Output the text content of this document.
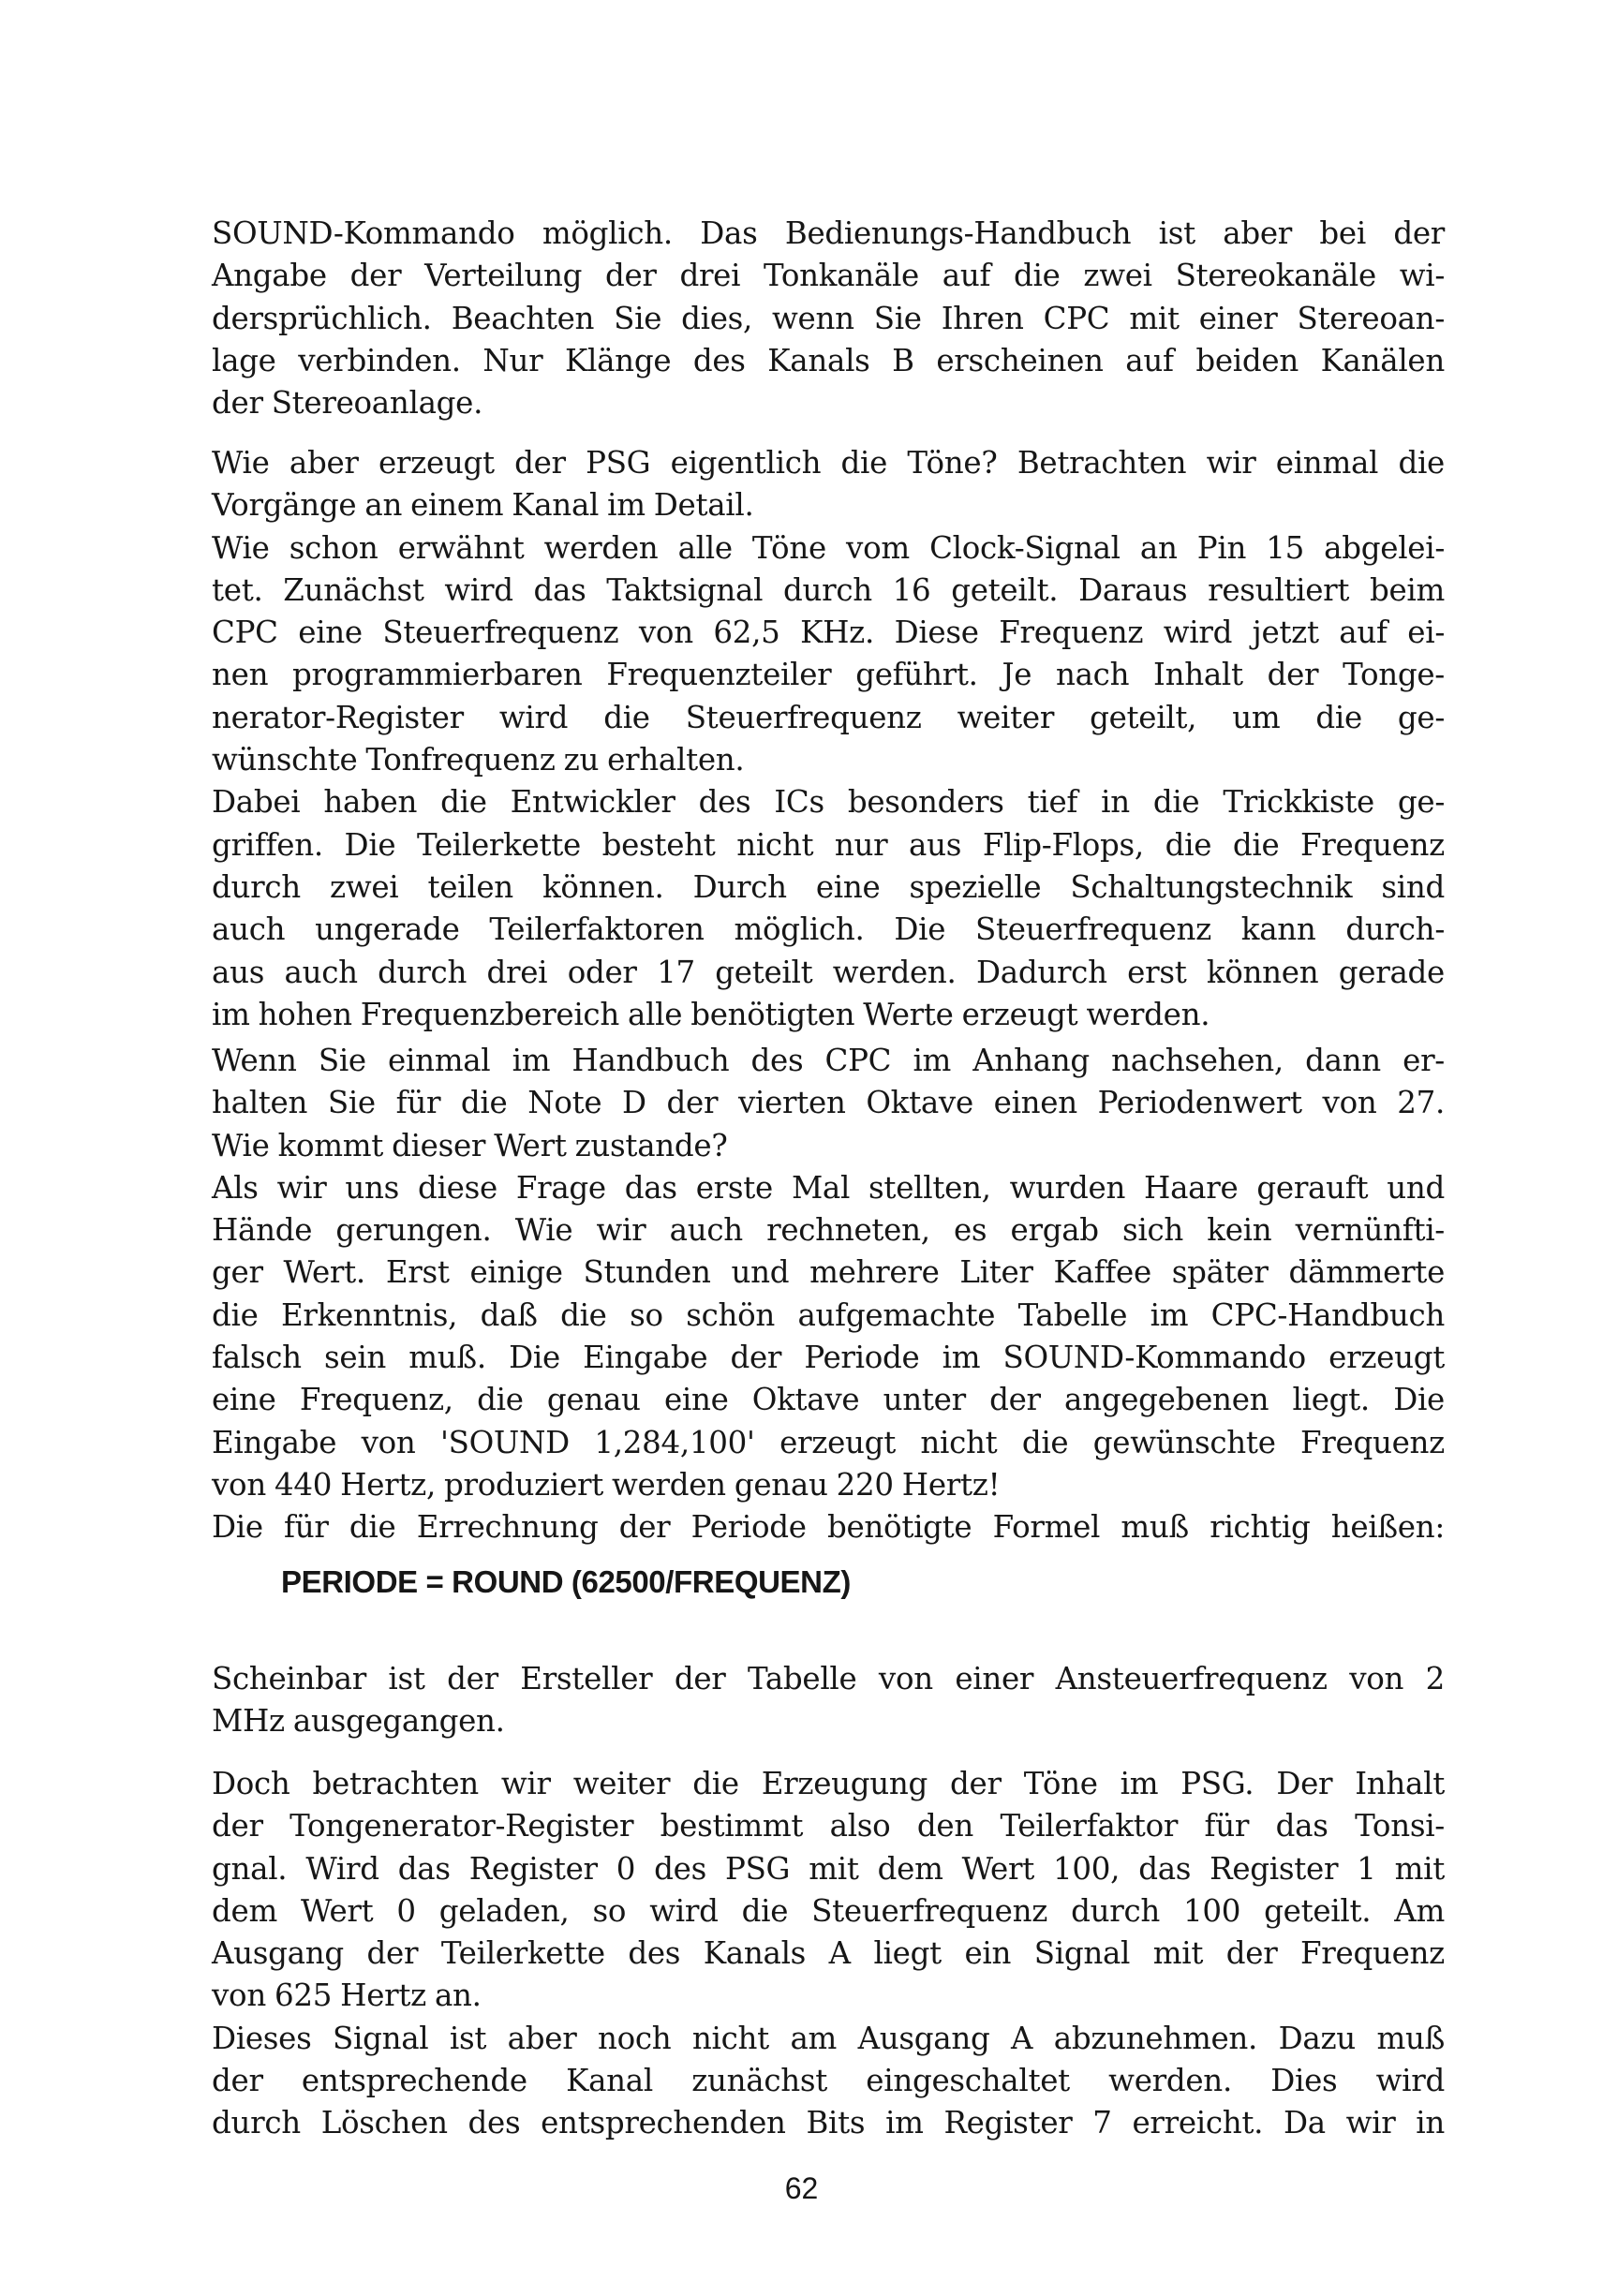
SOUND-Kommando möglich. Das Bedienungs-Handbuch ist aber bei der
Angabe der Verteilung der drei Tonkanäle auf die zwei Stereokanäle wi-
dersprüchlich. Beachten Sie dies, wenn Sie Ihren CPC mit einer Stereoan-
lage verbinden. Nur Klänge des Kanals B erscheinen auf beiden Kanälen
der Stereoanlage.
Wie aber erzeugt der PSG eigentlich die Töne? Betrachten wir einmal die
Vorgänge an einem Kanal im Detail.
Wie schon erwähnt werden alle Töne vom Clock-Signal an Pin 15 abgelei-
tet. Zunächst wird das Taktsignal durch 16 geteilt. Daraus resultiert beim
CPC eine Steuerfrequenz von 62,5 KHz. Diese Frequenz wird jetzt auf ei-
nen programmierbaren Frequenzteiler geführt. Je nach Inhalt der Tonge-
nerator-Register wird die Steuerfrequenz weiter geteilt, um die ge-
wünschte Tonfrequenz zu erhalten.
Dabei haben die Entwickler des ICs besonders tief in die Trickkiste ge-
griffen. Die Teilerkette besteht nicht nur aus Flip-Flops, die die Frequenz
durch zwei teilen können. Durch eine spezielle Schaltungstechnik sind
auch ungerade Teilerfaktoren möglich. Die Steuerfrequenz kann durch-
aus auch durch drei oder 17 geteilt werden. Dadurch erst können gerade
im hohen Frequenzbereich alle benötigten Werte erzeugt werden.
Wenn Sie einmal im Handbuch des CPC im Anhang nachsehen, dann er-
halten Sie für die Note D der vierten Oktave einen Periodenwert von 27.
Wie kommt dieser Wert zustande?
Als wir uns diese Frage das erste Mal stellten, wurden Haare gerauft und
Hände gerungen. Wie wir auch rechneten, es ergab sich kein vernünfti-
ger Wert. Erst einige Stunden und mehrere Liter Kaffee später dämmerte
die Erkenntnis, daß die so schön aufgemachte Tabelle im CPC-Handbuch
falsch sein muß. Die Eingabe der Periode im SOUND-Kommando erzeugt
eine Frequenz, die genau eine Oktave unter der angegebenen liegt. Die
Eingabe von 'SOUND 1,284,100' erzeugt nicht die gewünschte Frequenz
von 440 Hertz, produziert werden genau 220 Hertz!
Die für die Errechnung der Periode benötigte Formel muß richtig heißen:
PERIODE = ROUND (62500/FREQUENZ)
Scheinbar ist der Ersteller der Tabelle von einer Ansteuerfrequenz von 2
MHz ausgegangen.
Doch betrachten wir weiter die Erzeugung der Töne im PSG. Der Inhalt
der Tongenerator-Register bestimmt also den Teilerfaktor für das Tonsi-
gnal. Wird das Register 0 des PSG mit dem Wert 100, das Register 1 mit
dem Wert 0 geladen, so wird die Steuerfrequenz durch 100 geteilt. Am
Ausgang der Teilerkette des Kanals A liegt ein Signal mit der Frequenz
von 625 Hertz an.
Dieses Signal ist aber noch nicht am Ausgang A abzunehmen. Dazu muß
der entsprechende Kanal zunächst eingeschaltet werden. Dies wird
durch Löschen des entsprechenden Bits im Register 7 erreicht. Da wir in
62
